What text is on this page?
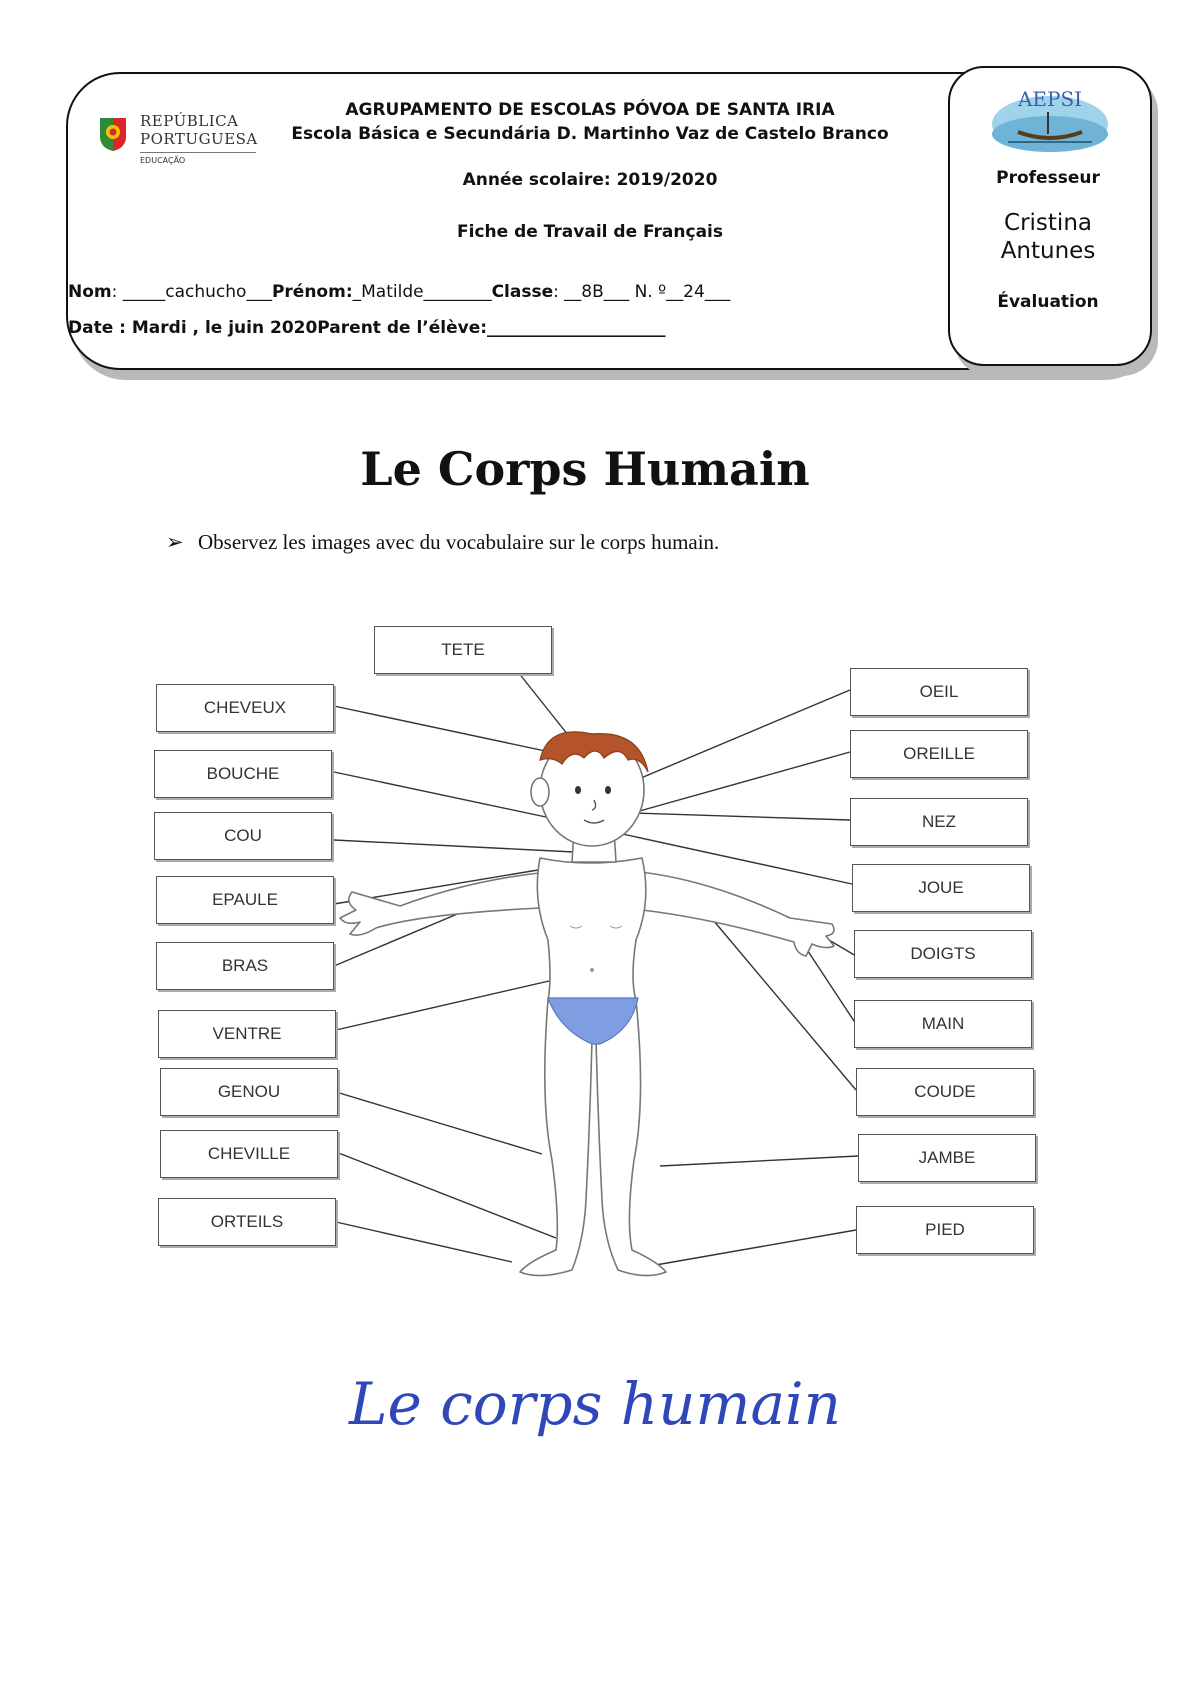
REPÚBLICA
PORTUGUESA
EDUCAÇÃO
AGRUPAMENTO DE ESCOLAS PÓVOA DE SANTA IRIA
Escola Básica e Secundária D. Martinho Vaz de Castelo Branco
Année scolaire: 2019/2020
Fiche de Travail de Français
AEPSI
Professeur
Cristina
Antunes
Évaluation
Nom: _____cachucho___Prénom:_Matilde________Classe: __8B___ N. º__24___
Date : Mardi , le juin 2020Parent de l’élève:_____________________
Le Corps Humain
➢ Observez les images avec du vocabulaire sur le corps humain.
TETE
CHEVEUX
BOUCHE
COU
EPAULE
BRAS
VENTRE
GENOU
CHEVILLE
ORTEILS
OEIL
OREILLE
NEZ
JOUE
DOIGTS
MAIN
COUDE
JAMBE
PIED
Le corps humain
